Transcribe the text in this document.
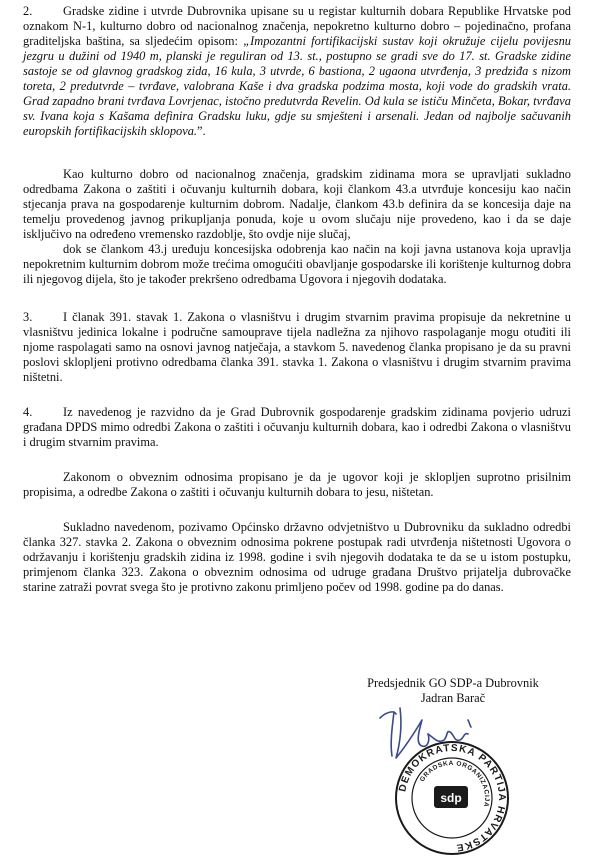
2. Gradske zidine i utvrde Dubrovnika upisane su u registar kulturnih dobara Republike Hrvatske pod oznakom N-1, kulturno dobro od nacionalnog značenja, nepokretno kulturno dobro – pojedinačno, profana graditeljska baština, sa sljedećim opisom: „Impozantni fortifikacijski sustav koji okružuje cijelu povijesnu jezgru u dužini od 1940 m, planski je reguliran od 13. st., postupno se gradi sve do 17. st. Gradske zidine sastoje se od glavnog gradskog zida, 16 kula, 3 utvrde, 6 bastiona, 2 ugaona utvrđenja, 3 predziđa s nizom toreta, 2 predutvrde – tvrđave, valobrana Kaše i dva gradska podzima mosta, koji vode do gradskih vrata. Grad zapadno brani tvrđava Lovrjenac, istočno predutvrda Revelin. Od kula se ističu Minčeta, Bokar, tvrđava sv. Ivana koja s Kašama definira Gradsku luku, gdje su smješteni i arsenali. Jedan od najbolje sačuvanih europskih fortifikacijskih sklopova.”.

Kao kulturno dobro od nacionalnog značenja, gradskim zidinama mora se upravljati sukladno odredbama Zakona o zaštiti i očuvanju kulturnih dobara, koji člankom 43.a utvrđuje koncesiju kao način stjecanja prava na gospodarenje kulturnim dobrom. Nadalje, člankom 43.b definira da se koncesija daje na temelju provedenog javnog prikupljanja ponuda, koje u ovom slučaju nije provedeno, kao i da se daje isključivo na određeno vremensko razdoblje, što ovdje nije slučaj,

dok se člankom 43.j uređuju koncesijska odobrenja kao način na koji javna ustanova koja upravlja nepokretnim kulturnim dobrom može trećima omogućiti obavljanje gospodarske ili korištenje kulturnog dobra ili njegovog dijela, što je također prekršeno odredbama Ugovora i njegovih dodataka.

3. I članak 391. stavak 1. Zakona o vlasništvu i drugim stvarnim pravima propisuje da nekretnine u vlasništvu jedinica lokalne i područne samouprave tijela nadležna za njihovo raspolaganje mogu otuđiti ili njome raspolagati samo na osnovi javnog natječaja, a stavkom 5. navedenog članka propisano je da su pravni poslovi sklopljeni protivno odredbama članka 391. stavka 1. Zakona o vlasništvu i drugim stvarnim pravima ništetni.

4. Iz navedenog je razvidno da je Grad Dubrovnik gospodarenje gradskim zidinama povjerio udruzi građana DPDS mimo odredbi Zakona o zaštiti i očuvanju kulturnih dobara, kao i odredbi Zakona o vlasništvu i drugim stvarnim pravima.

Zakonom o obveznim odnosima propisano je da je ugovor koji je sklopljen suprotno prisilnim propisima, a odredbe Zakona o zaštiti i očuvanju kulturnih dobara to jesu, ništetan.

Sukladno navedenom, pozivamo Općinsko državno odvjetništvo u Dubrovniku da sukladno odredbi članka 327. stavka 2. Zakona o obveznim odnosima pokrene postupak radi utvrđenja ništetnosti Ugovora o održavanju i korištenju gradskih zidina iz 1998. godine i svih njegovih dodataka te da se u istom postupku, primjenom članka 323. Zakona o obveznim odnosima od udruge građana Društvo prijatelja dubrovačke starine zatraži povrat svega što je protivno zakonu primljeno počev od 1998. godine pa do danas.

Predsjednik GO SDP-a Dubrovnik
Jadran Barač
DEMOKRATSKA PARTIJA HRVATSKE
GRADSKA ORGANIZACIJA
sdp
